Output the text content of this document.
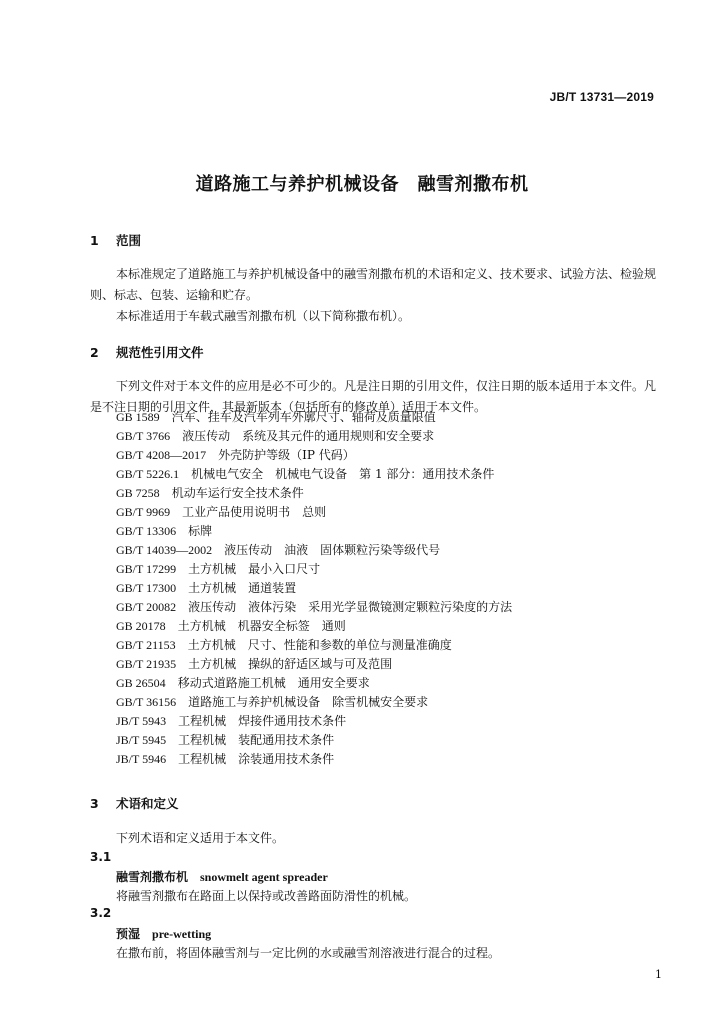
JB/T 13731—2019
道路施工与养护机械设备　融雪剂撒布机
1 范围
本标准规定了道路施工与养护机械设备中的融雪剂撒布机的术语和定义、技术要求、试验方法、检验规则、标志、包装、运输和贮存。
本标准适用于车载式融雪剂撒布机（以下简称撒布机）。
2 规范性引用文件
下列文件对于本文件的应用是必不可少的。凡是注日期的引用文件，仅注日期的版本适用于本文件。凡是不注日期的引用文件，其最新版本（包括所有的修改单）适用于本文件。
GB 1589　 汽车、挂车及汽车列车外廓尺寸、轴荷及质量限值
GB/T 3766　 液压传动　系统及其元件的通用规则和安全要求
GB/T 4208—2017　 外壳防护等级（IP 代码）
GB/T 5226.1　 机械电气安全　机械电气设备　第 1 部分：通用技术条件
GB 7258　 机动车运行安全技术条件
GB/T 9969　 工业产品使用说明书　总则
GB/T 13306　 标牌
GB/T 14039—2002　 液压传动　油液　固体颗粒污染等级代号
GB/T 17299　 土方机械　最小入口尺寸
GB/T 17300　 土方机械　通道装置
GB/T 20082　 液压传动　液体污染　采用光学显微镜测定颗粒污染度的方法
GB 20178　 土方机械　机器安全标签　通则
GB/T 21153　 土方机械　尺寸、性能和参数的单位与测量准确度
GB/T 21935　 土方机械　操纵的舒适区域与可及范围
GB 26504　 移动式道路施工机械　通用安全要求
GB/T 36156　 道路施工与养护机械设备　除雪机械安全要求
JB/T 5943　 工程机械　焊接件通用技术条件
JB/T 5945　 工程机械　装配通用技术条件
JB/T 5946　 工程机械　涂装通用技术条件
3 术语和定义
下列术语和定义适用于本文件。
3.1
融雪剂撒布机 snowmelt agent spreader
将融雪剂撒布在路面上以保持或改善路面防滑性的机械。
3.2
预湿 pre-wetting
在撒布前，将固体融雪剂与一定比例的水或融雪剂溶液进行混合的过程。
1
